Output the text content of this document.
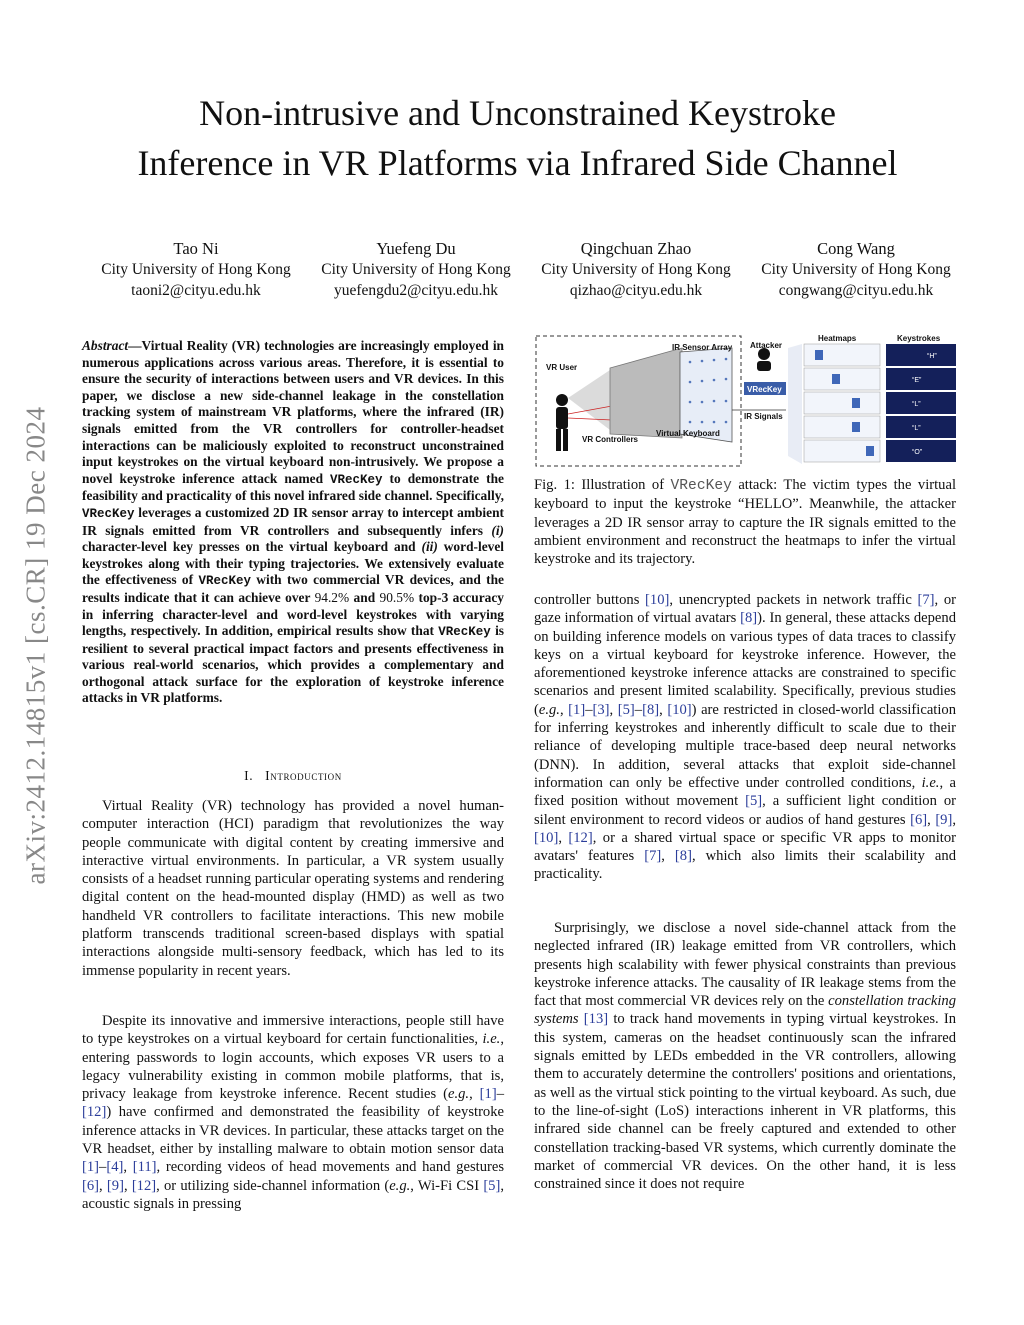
arXiv:2412.14815v1 [cs.CR] 19 Dec 2024
Non-intrusive and Unconstrained Keystroke
Inference in VR Platforms via Infrared Side Channel
Tao Ni
City University of Hong Kong
taoni2@cityu.edu.hk
Yuefeng Du
City University of Hong Kong
yuefengdu2@cityu.edu.hk
Qingchuan Zhao
City University of Hong Kong
qizhao@cityu.edu.hk
Cong Wang
City University of Hong Kong
congwang@cityu.edu.hk
Abstract—Virtual Reality (VR) technologies are increasingly employed in numerous applications across various areas. Therefore, it is essential to ensure the security of interactions between users and VR devices. In this paper, we disclose a new side-channel leakage in the constellation tracking system of mainstream VR platforms, where the infrared (IR) signals emitted from the VR controllers for controller-headset interactions can be maliciously exploited to reconstruct unconstrained input keystrokes on the virtual keyboard non-intrusively. We propose a novel keystroke inference attack named VRecKey to demonstrate the feasibility and practicality of this novel infrared side channel. Specifically, VRecKey leverages a customized 2D IR sensor array to intercept ambient IR signals emitted from VR controllers and subsequently infers (i) character-level key presses on the virtual keyboard and (ii) word-level keystrokes along with their typing trajectories. We extensively evaluate the effectiveness of VRecKey with two commercial VR devices, and the results indicate that it can achieve over 94.2% and 90.5% top-3 accuracy in inferring character-level and word-level keystrokes with varying lengths, respectively. In addition, empirical results show that VRecKey is resilient to several practical impact factors and presents effectiveness in various real-world scenarios, which provides a complementary and orthogonal attack surface for the exploration of keystroke inference attacks in VR platforms.
I. Introduction
Virtual Reality (VR) technology has provided a novel human-computer interaction (HCI) paradigm that revolutionizes the way people communicate with digital content by creating immersive and interactive virtual environments. In particular, a VR system usually consists of a headset running particular operating systems and rendering digital content on the head-mounted display (HMD) as well as two handheld VR controllers to facilitate interactions. This new mobile platform transcends traditional screen-based displays with spatial interactions alongside multi-sensory feedback, which has led to its immense popularity in recent years.
Despite its innovative and immersive interactions, people still have to type keystrokes on a virtual keyboard for certain functionalities, i.e., entering passwords to login accounts, which exposes VR users to a legacy vulnerability existing in common mobile platforms, that is, privacy leakage from keystroke inference. Recent studies (e.g., [1]–[12]) have confirmed and demonstrated the feasibility of keystroke inference attacks in VR devices. In particular, these attacks target on the VR headset, either by installing malware to obtain motion sensor data [1]–[4], [11], recording videos of head movements and hand gestures [6], [9], [12], or utilizing side-channel information (e.g., Wi-Fi CSI [5], acoustic signals in pressing
VR User
IR Sensor Array Attacker
Heatmaps	Keystrokes
VRecKey
IR Signals
VR Controllers
Virtual Keyboard
“H”
“E”
“L”
“L”
“O”
Fig. 1: Illustration of VRecKey attack: The victim types the virtual keyboard to input the keystroke “HELLO”. Meanwhile, the attacker leverages a 2D IR sensor array to capture the IR signals emitted to the ambient environment and reconstruct the heatmaps to infer the virtual keystroke and its trajectory.
controller buttons [10], unencrypted packets in network traffic [7], or gaze information of virtual avatars [8]). In general, these attacks depend on building inference models on various types of data traces to classify keys on a virtual keyboard for keystroke inference. However, the aforementioned keystroke inference attacks are constrained to specific scenarios and present limited scalability. Specifically, previous studies (e.g., [1]–[3], [5]–[8], [10]) are restricted in closed-world classification for inferring keystrokes and inherently difficult to scale due to their reliance of developing multiple trace-based deep neural networks (DNN). In addition, several attacks that exploit side-channel information can only be effective under controlled conditions, i.e., a fixed position without movement [5], a sufficient light condition or silent environment to record videos or audios of hand gestures [6], [9], [10], [12], or a shared virtual space or specific VR apps to monitor avatars' features [7], [8], which also limits their scalability and practicality.
Surprisingly, we disclose a novel side-channel attack from the neglected infrared (IR) leakage emitted from VR controllers, which presents high scalability with fewer physical constraints than previous keystroke inference attacks. The causality of IR leakage stems from the fact that most commercial VR devices rely on the constellation tracking systems [13] to track hand movements in typing virtual keystrokes. In this system, cameras on the headset continuously scan the infrared signals emitted by LEDs embedded in the VR controllers, allowing them to accurately determine the controllers' positions and orientations, as well as the virtual stick pointing to the virtual keyboard. As such, due to the line-of-sight (LoS) interactions inherent in VR platforms, this infrared side channel can be freely captured and extended to other constellation tracking-based VR systems, which currently dominate the market of commercial VR devices. On the other hand, it is less constrained since it does not require
